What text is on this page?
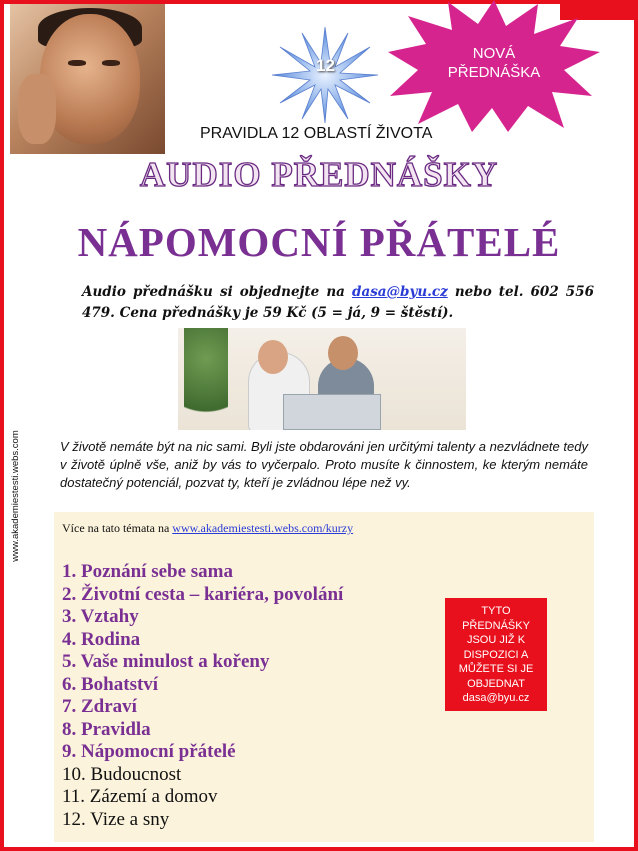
12
NOVÁ
PŘEDNÁŠKA
PRAVIDLA 12 OBLASTÍ ŽIVOTA
AUDIO PŘEDNÁŠKY
NÁPOMOCNÍ PŘÁTELÉ
Audio přednášku si objednejte na dasa@byu.cz nebo tel. 602 556 479. Cena přednášky je 59 Kč (5 = já, 9 = štěstí).
www.akademiestesti.webs.com	V životě nemáte být na nic sami. Byli jste obdarováni jen určitými talenty a nezvládnete tedy v životě úplně vše, aniž by vás to vyčerpalo. Proto musíte k činnostem, ke kterým nemáte dostatečný potenciál, pozvat ty, kteří je zvládnou lépe než vy.
Více na tato témata na www.akademiestesti.webs.com/kurzy
1. Poznání sebe sama
2. Životní cesta – kariéra, povolání
3. Vztahy
4. Rodina
5. Vaše minulost a kořeny
6. Bohatství
7. Zdraví
8. Pravidla
9. Nápomocní přátelé
10. Budoucnost
11. Zázemí a domov
12. Vize a sny
TYTO
PŘEDNÁŠKY
JSOU JIŽ K
DISPOZICI A
MŮŽETE SI JE
OBJEDNAT
dasa@byu.cz
